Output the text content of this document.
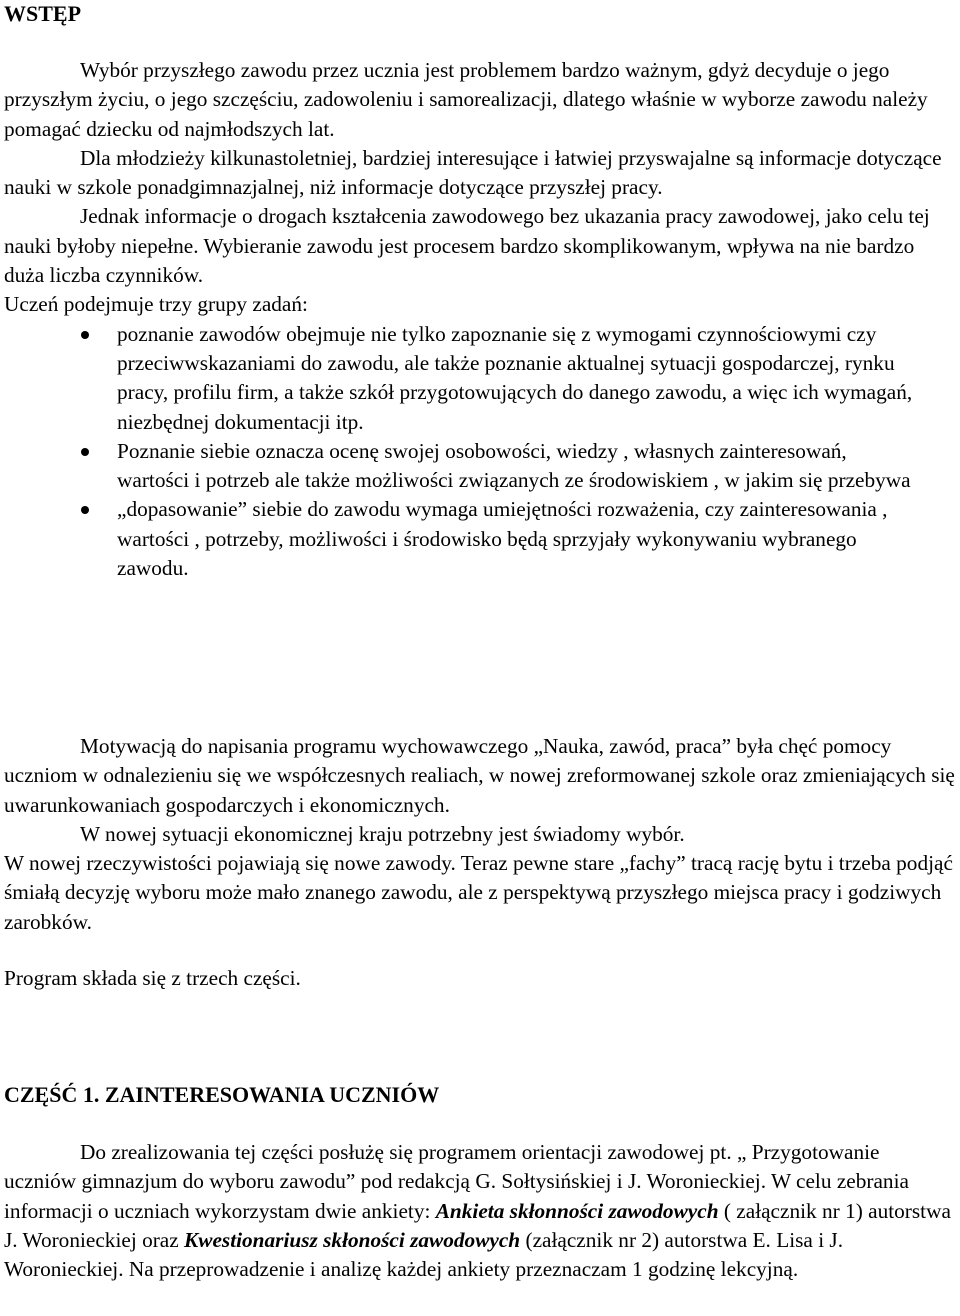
WSTĘP

Wybór przyszłego zawodu przez ucznia jest problemem bardzo ważnym, gdyż decyduje o jego przyszłym życiu, o jego szczęściu, zadowoleniu i samorealizacji, dlatego właśnie w wyborze zawodu należy pomagać dziecku od najmłodszych lat.

Dla młodzieży kilkunastoletniej, bardziej interesujące i łatwiej przyswajalne są informacje dotyczące nauki w szkole ponadgimnazjalnej, niż informacje dotyczące przyszłej pracy.

Jednak informacje o drogach kształcenia zawodowego bez ukazania pracy zawodowej, jako celu tej nauki byłoby niepełne. Wybieranie zawodu jest procesem bardzo skomplikowanym, wpływa na nie bardzo duża liczba czynników.

Uczeń podejmuje trzy grupy zadań:

poznanie zawodów obejmuje nie tylko zapoznanie się z wymogami czynnościowymi czy przeciwwskazaniami do zawodu, ale także poznanie aktualnej sytuacji gospodarczej, rynku pracy, profilu firm, a także szkół przygotowujących do danego zawodu, a więc ich wymagań, niezbędnej dokumentacji itp.
Poznanie siebie oznacza ocenę swojej osobowości, wiedzy , własnych zainteresowań, wartości i potrzeb ale także możliwości związanych ze środowiskiem , w jakim się przebywa
„dopasowanie” siebie do zawodu wymaga umiejętności rozważenia, czy zainteresowania , wartości , potrzeby, możliwości i środowisko będą sprzyjały wykonywaniu wybranego zawodu.

Motywacją do napisania programu wychowawczego „Nauka, zawód, praca” była chęć pomocy uczniom w odnalezieniu się we współczesnych realiach, w nowej zreformowanej szkole oraz zmieniających się uwarunkowaniach gospodarczych i ekonomicznych.

W nowej sytuacji ekonomicznej kraju potrzebny jest świadomy wybór.

W nowej rzeczywistości pojawiają się nowe zawody. Teraz pewne stare „fachy” tracą rację bytu i trzeba podjąć śmiałą decyzję wyboru może mało znanego zawodu, ale z perspektywą przyszłego miejsca pracy i godziwych zarobków.

Program składa się z trzech części.

CZĘŚĆ 1. ZAINTERESOWANIA UCZNIÓW

Do zrealizowania tej części posłużę się programem orientacji zawodowej pt. „ Przygotowanie uczniów gimnazjum do wyboru zawodu” pod redakcją G. Sołtysińskiej i J. Woronieckiej. W celu zebrania informacji o uczniach wykorzystam dwie ankiety: Ankieta skłonności zawodowych ( załącznik nr 1) autorstwa J. Woronieckiej oraz Kwestionariusz skłoności zawodowych (załącznik nr 2) autorstwa E. Lisa i J. Woronieckiej. Na przeprowadzenie i analizę każdej ankiety przeznaczam 1 godzinę lekcyjną.
